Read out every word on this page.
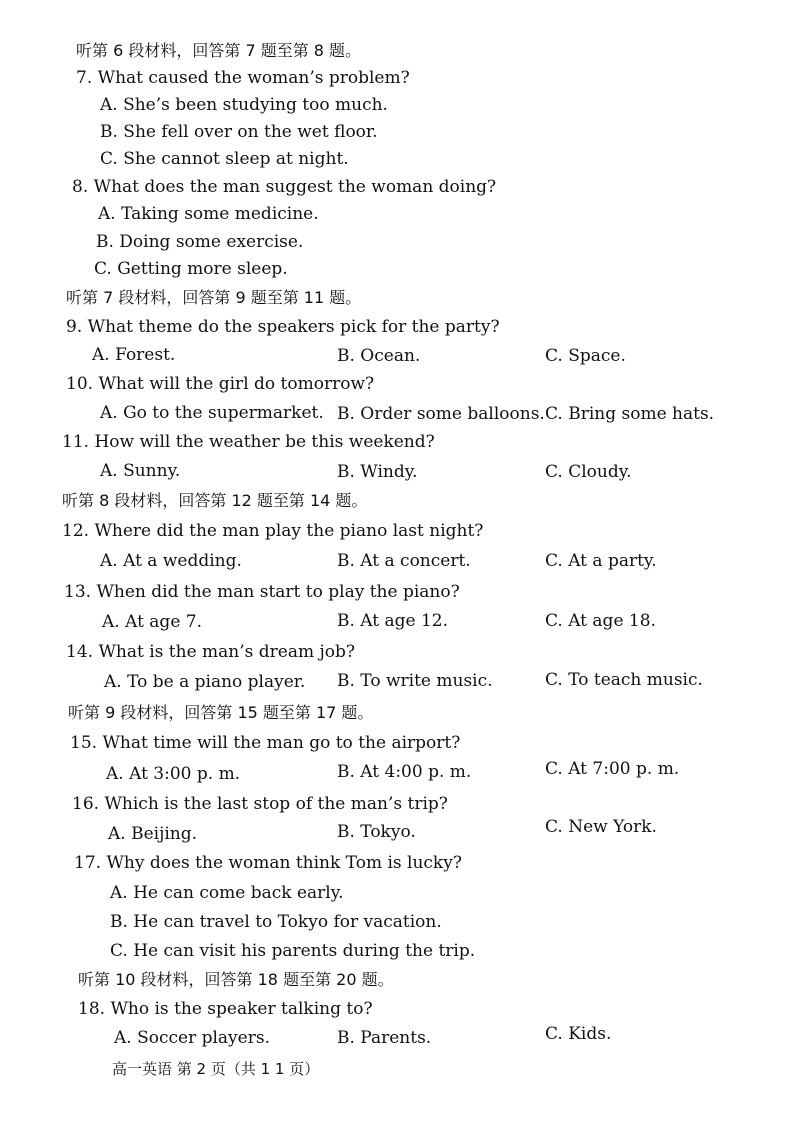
听第 6 段材料，回答第 7 题至第 8 题。
7. What caused the woman’s problem?
A. She’s been studying too much.
B. She fell over on the wet floor.
C. She cannot sleep at night.
8. What does the man suggest the woman doing?
A. Taking some medicine.
B. Doing some exercise.
C. Getting more sleep.
听第 7 段材料，回答第 9 题至第 11 题。
9. What theme do the speakers pick for the party?
A. Forest.	B. Ocean.	C. Space.
10. What will the girl do tomorrow?
A. Go to the supermarket. B. Order some balloons. C. Bring some hats.
11. How will the weather be this weekend?
A. Sunny.	B. Windy.	C. Cloudy.
听第 8 段材料，回答第 12 题至第 14 题。
12. Where did the man play the piano last night?
A. At a wedding.	B. At a concert.	C. At a party.
13. When did the man start to play the piano?
A. At age 7.	B. At age 12.	C. At age 18.
14. What is the man’s dream job?
A. To be a piano player. B. To write music.	C. To teach music.
听第 9 段材料，回答第 15 题至第 17 题。
15. What time will the man go to the airport?
A. At 3:00 p. m.	B. At 4:00 p. m.	C. At 7:00 p. m.
16. Which is the last stop of the man’s trip?
A. Beijing.	B. Tokyo.	C. New York.
17. Why does the woman think Tom is lucky?
A. He can come back early.
B. He can travel to Tokyo for vacation.
C. He can visit his parents during the trip.
听第 10 段材料，回答第 18 题至第 20 题。
18. Who is the speaker talking to?
A. Soccer players.	B. Parents.	C. Kids.
高一英语 第 2 页（共 1 1 页）
